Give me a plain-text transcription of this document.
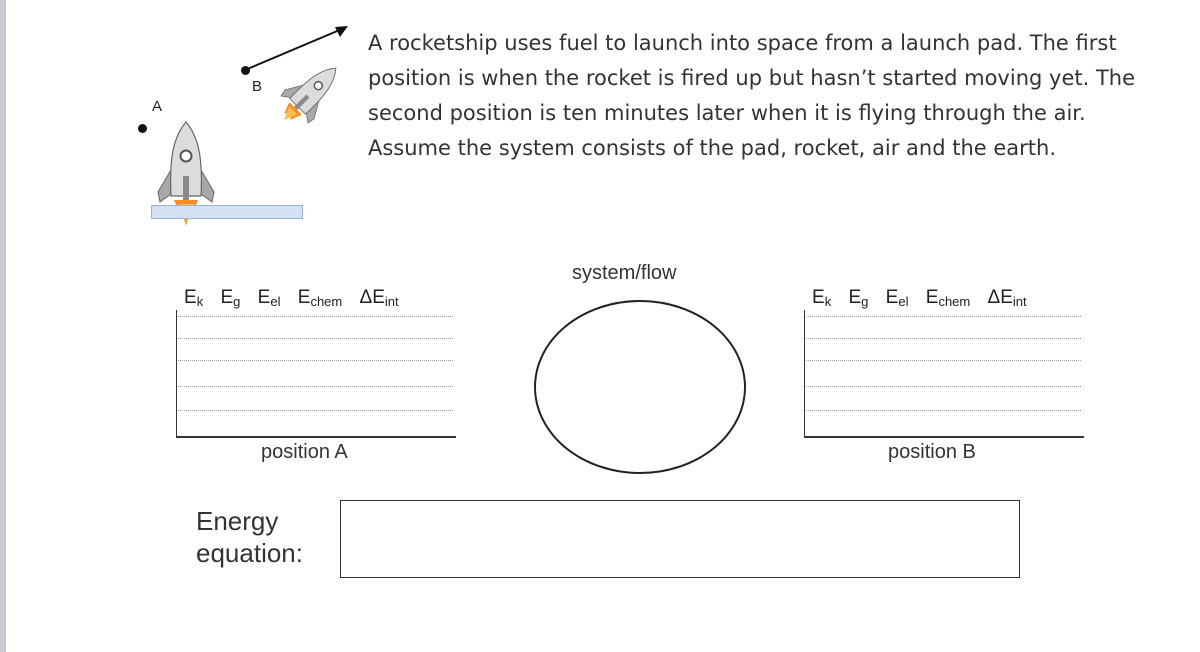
A
B
A rocketship uses fuel to launch into space from a launch pad. The first position is when the rocket is fired up but hasn’t started moving yet. The second position is ten minutes later when it is flying through the air. Assume the system consists of the pad, rocket, air and the earth.
$E_k$ $E_g$ $E_{el}$ $E_{chem}$ $\Delta E_{int}$
position A
system/flow
$E_k$ $E_g$ $E_{el}$ $E_{chem}$ $\Delta E_{int}$
position B
Energy
equation:
